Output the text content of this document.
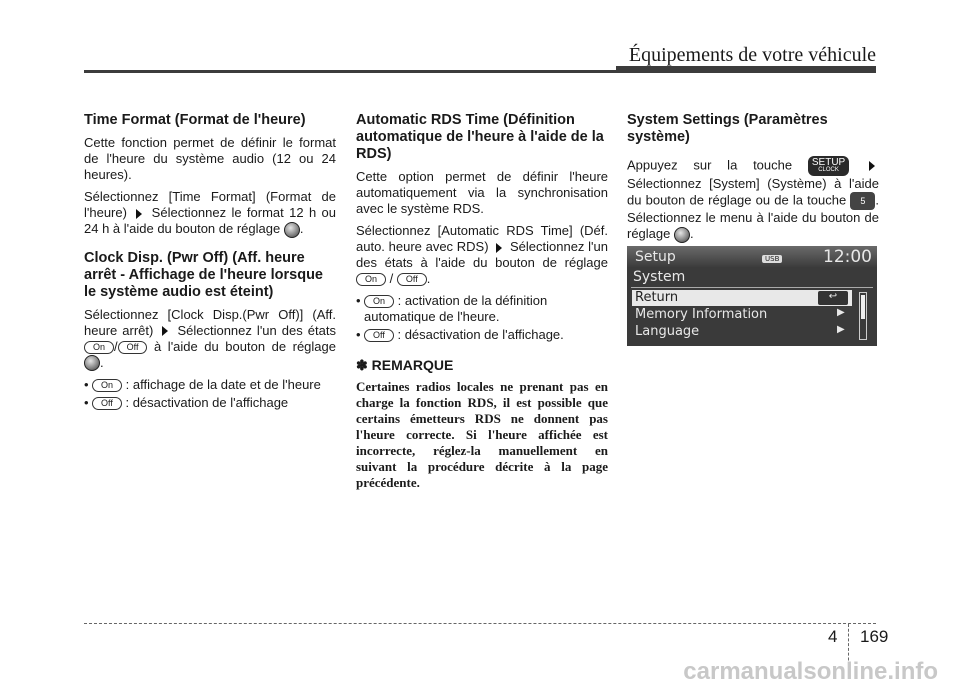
Équipements de votre véhicule
Time Format (Format de l'heure)
Cette fonction permet de définir le format de l'heure du système audio (12 ou 24 heures).
Sélectionnez [Time Format] (Format de l'heure) Sélectionnez le format 12 h ou 24 h à l'aide du bouton de réglage .
Clock Disp. (Pwr Off) (Aff. heure arrêt - Affichage de l'heure lorsque le système audio est éteint)
Sélectionnez [Clock Disp.(Pwr Off)] (Aff. heure arrêt) Sélectionnez l'un des états On / Off à l'aide du bouton de réglage .
•	On : affichage de la date et de l'heure
•	Off : désactivation de l'affichage
Automatic RDS Time (Définition automatique de l'heure à l'aide de la RDS)
Cette option permet de définir l'heure automatiquement via la synchronisation avec le système RDS.
Sélectionnez [Automatic RDS Time] (Déf. auto. heure avec RDS) Sélectionnez l'un des états à l'aide du bouton de réglage On / Off .
•	On : activation de la définition automatique de l'heure.
•	Off : désactivation de l'affichage.
✽ REMARQUE
Certaines radios locales ne prenant pas en charge la fonction RDS, il est possible que certains émetteurs RDS ne donnent pas l'heure correcte. Si l'heure affichée est incorrecte, réglez-la manuellement en suivant la procédure décrite à la page précédente.
System Settings (Paramètres système)
Appuyez sur la touche SETUP
CLOCK
Sélectionnez [System] (Système) à l'aide du bouton de réglage ou de la touche 5 . Sélectionnez le menu à l'aide du bouton de réglage .
Setup	USB	12:00
System
Return	↩
Memory Information	▶
Language	▶
4 169
carmanualsonline.info
